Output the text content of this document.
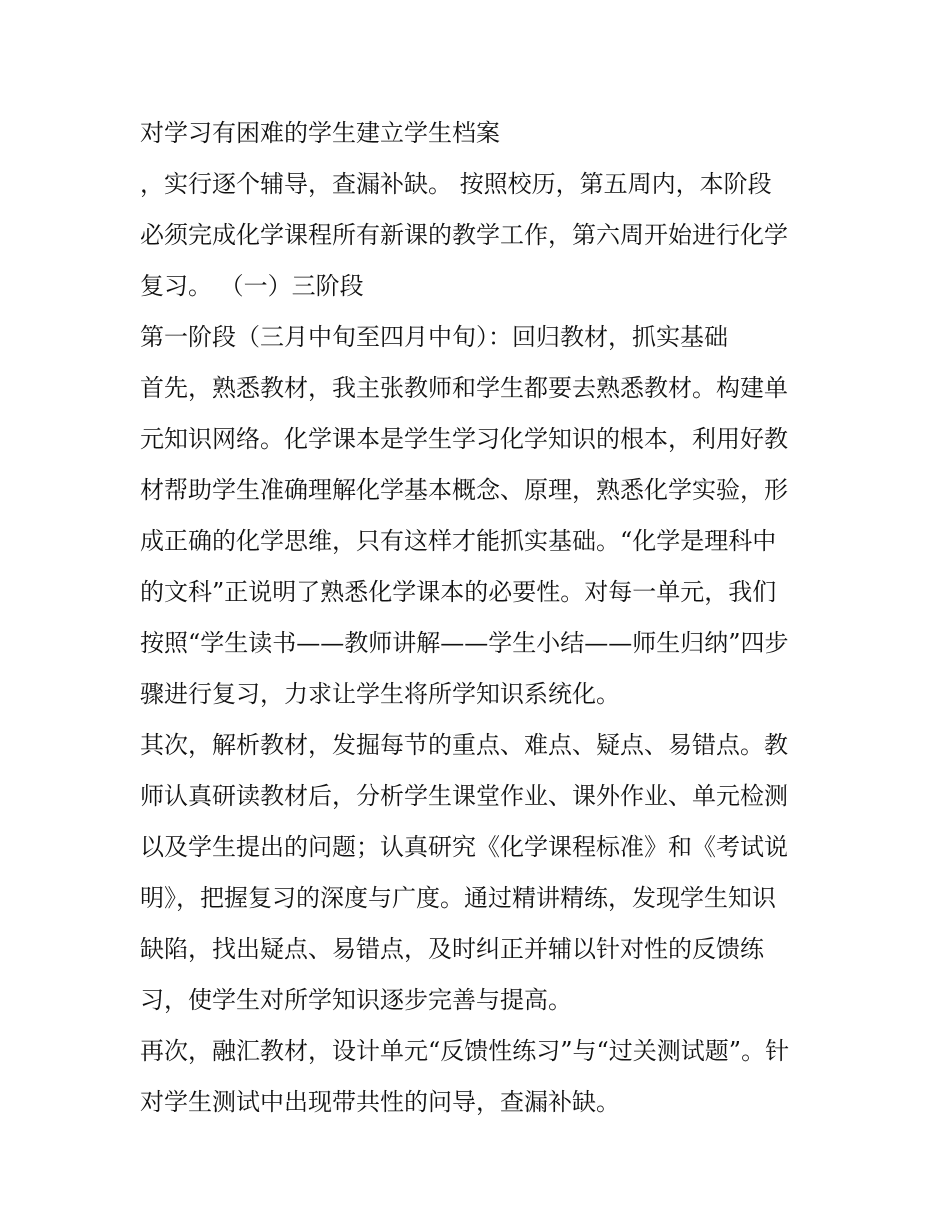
对学习有困难的学生建立学生档案
，实行逐个辅导，查漏补缺。 按照校历，第五周内，本阶段
必须完成化学课程所有新课的教学工作，第六周开始进行化学
复习。 （一）三阶段
第一阶段（三月中旬至四月中旬）：回归教材，抓实基础
首先，熟悉教材，我主张教师和学生都要去熟悉教材。构建单
元知识网络。化学课本是学生学习化学知识的根本，利用好教
材帮助学生准确理解化学基本概念、原理，熟悉化学实验，形
成正确的化学思维，只有这样才能抓实基础。“化学是理科中
的文科”正说明了熟悉化学课本的必要性。对每一单元，我们
按照“学生读书——教师讲解——学生小结——师生归纳”四步
骤进行复习，力求让学生将所学知识系统化。
其次，解析教材，发掘每节的重点、难点、疑点、易错点。教
师认真研读教材后，分析学生课堂作业、课外作业、单元检测
以及学生提出的问题；认真研究《化学课程标准》和《考试说
明》，把握复习的深度与广度。通过精讲精练，发现学生知识
缺陷，找出疑点、易错点，及时纠正并辅以针对性的反馈练
习，使学生对所学知识逐步完善与提高。
再次，融汇教材，设计单元“反馈性练习”与“过关测试题”。针
对学生测试中出现带共性的问导，查漏补缺。
